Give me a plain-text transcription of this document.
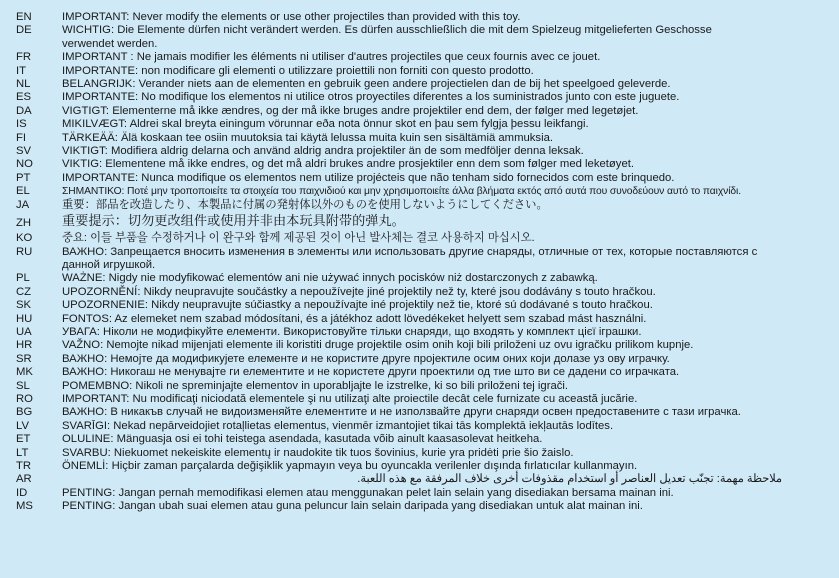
EN	IMPORTANT: Never modify the elements or use other projectiles than provided with this toy.
DE	WICHTIG: Die Elemente dürfen nicht verändert werden. Es dürfen ausschließlich die mit dem Spielzeug mitgelieferten Geschosse verwendet werden.
FR	IMPORTANT : Ne jamais modifier les éléments ni utiliser d'autres projectiles que ceux fournis avec ce jouet.
IT	IMPORTANTE: non modificare gli elementi o utilizzare proiettili non forniti con questo prodotto.
NL	BELANGRIJK: Verander niets aan de elementen en gebruik geen andere projectielen dan de bij het speelgoed geleverde.
ES	IMPORTANTE: No modifique los elementos ni utilice otros proyectiles diferentes a los suministrados junto con este juguete.
DA	VIGTIGT: Elementerne må ikke ændres, og der må ikke bruges andre projektiler end dem, der følger med legetøjet.
IS	MIKILVÆGT: Aldrei skal breyta einingum vörunnar eða nota önnur skot en þau sem fylgja þessu leikfangi.
FI	TÄRKEÄÄ: Älä koskaan tee osiin muutoksia tai käytä lelussa muita kuin sen sisältämiä ammuksia.
SV	VIKTIGT: Modifiera aldrig delarna och använd aldrig andra projektiler än de som medföljer denna leksak.
NO	VIKTIG: Elementene må ikke endres, og det må aldri brukes andre prosjektiler enn dem som følger med leketøyet.
PT	IMPORTANTE: Nunca modifique os elementos nem utilize projécteis que não tenham sido fornecidos com este brinquedo.
EL	ΣΗΜΑΝΤΙΚΟ: Ποτέ μην τροποποιείτε τα στοιχεία του παιχνιδιού και μην χρησιμοποιείτε άλλα βλήματα εκτός από αυτά που συνοδεύουν αυτό το παιχνίδι.
JA	重要：部品を改造したり、本製品に付属の発射体以外のものを使用しないようにしてください。
ZH	重要提示：切勿更改组件或使用并非由本玩具附带的弹丸。
KO	중요: 이들 부품을 수정하거나 이 완구와 함께 제공된 것이 아닌 발사체는 결코 사용하지 마십시오.
RU	ВАЖНО: Запрещается вносить изменения в элементы или использовать другие снаряды, отличные от тех, которые поставляются с данной игрушкой.
PL	WAŻNE: Nigdy nie modyfikować elementów ani nie używać innych pocisków niż dostarczonych z zabawką.
CZ	UPOZORNĚNÍ: Nikdy neupravujte součástky a nepoužívejte jiné projektily než ty, které jsou dodávány s touto hračkou.
SK	UPOZORNENIE: Nikdy neupravujte súčiastky a nepoužívajte iné projektily než tie, ktoré sú dodávané s touto hračkou.
HU	FONTOS: Az elemeket nem szabad módosítani, és a játékhoz adott lövedékeket helyett sem szabad mást használni.
UA	УВАГА: Ніколи не модифікуйте елементи. Використовуйте тільки снаряди, що входять у комплект цієї іграшки.
HR	VAŽNO: Nemojte nikad mijenjati elemente ili koristiti druge projektile osim onih koji bili priloženi uz ovu igračku prilikom kupnje.
SR	ВАЖНО: Немојте да модификујете елементе и не користите друге пројектиле осим оних који долазе уз ову играчку.
MK	ВАЖНО: Никогаш не менувајте ги елементите и не користете други проектили од тие што ви се дадени со играчката.
SL	POMEMBNO: Nikoli ne spreminjajte elementov in uporabljajte le izstrelke, ki so bili priloženi tej igrači.
RO	IMPORTANT: Nu modificaţi niciodată elementele şi nu utilizaţi alte proiectile decât cele furnizate cu această jucărie.
BG	ВАЖНО: В никакъв случай не видоизменяйте елементите и не използвайте други снаряди освен предоставените с тази играчка.
LV	SVARĪGI: Nekad nepārveidojiet rotaļlietas elementus, vienmēr izmantojiet tikai tās komplektā iekļautās lodītes.
ET	OLULINE: Mänguasja osi ei tohi teistega asendada, kasutada võib ainult kaasasolevat heitkeha.
LT	SVARBU: Niekuomet nekeiskite elementų ir naudokite tik tuos šovinius, kurie yra pridėti prie šio žaislo.
TR	ÖNEMLİ: Hiçbir zaman parçalarda değişiklik yapmayın veya bu oyuncakla verilenler dışında fırlatıcılar kullanmayın.
AR	ملاحظة مهمة: تجنّب تعديل العناصر أو استخدام مقذوفات أخرى خلاف المرفقة مع هذه اللعبة.
ID	PENTING: Jangan pernah memodifikasi elemen atau menggunakan pelet lain selain yang disediakan bersama mainan ini.
MS	PENTING: Jangan ubah suai elemen atau guna peluncur lain selain daripada yang disediakan untuk alat mainan ini.
